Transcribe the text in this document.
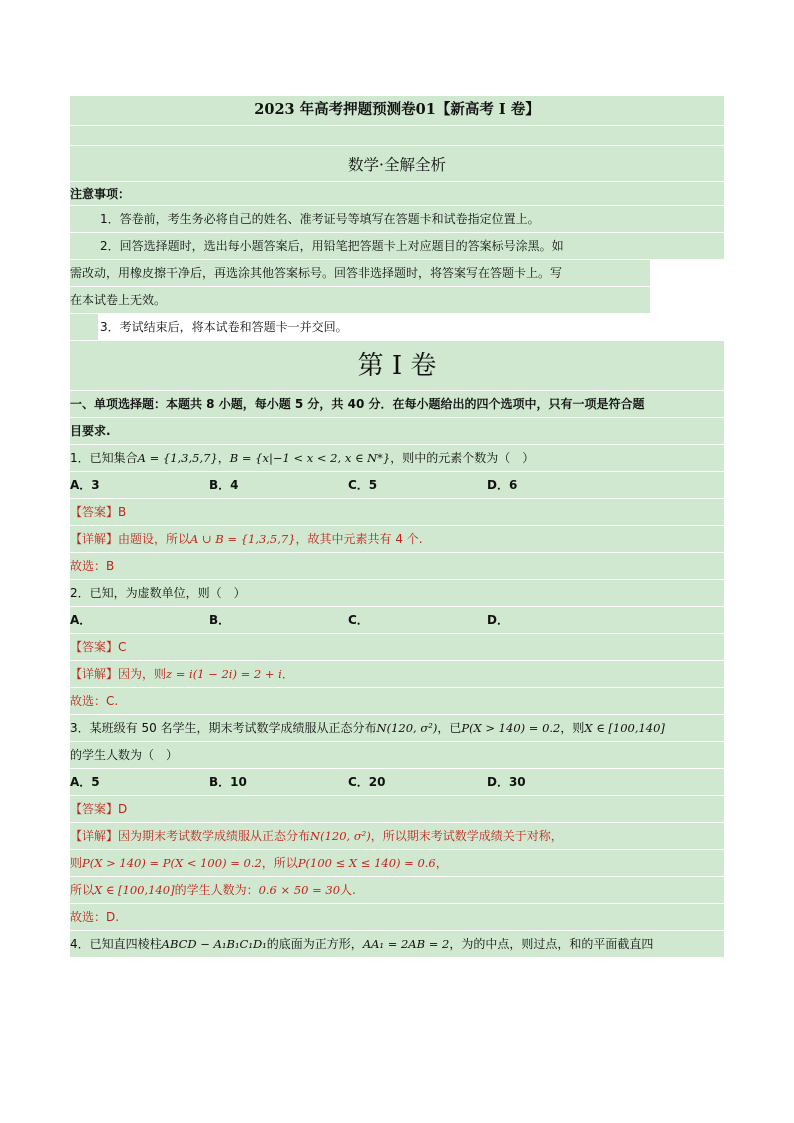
2023 年高考押题预测卷01【新高考 I 卷】
数学·全解全析
注意事项：
1．答卷前，考生务必将自己的姓名、准考证号等填写在答题卡和试卷指定位置上。
2．回答选择题时，选出每小题答案后，用铅笔把答题卡上对应题目的答案标号涂黑。如
需改动，用橡皮擦干净后，再选涂其他答案标号。回答非选择题时，将答案写在答题卡上。写
在本试卷上无效。
3．考试结束后，将本试卷和答题卡一并交回。
第 I 卷
一、单项选择题：本题共 8 小题，每小题 5 分，共 40 分．在每小题给出的四个选项中，只有一项是符合题
目要求.
1．已知集合A = {1,3,5,7}，B = {x|−1 < x < 2, x ∈ N*}，则中的元素个数为（　）
A．3	B．4	C．5	D．6
【答案】B
【详解】由题设，所以A ∪ B = {1,3,5,7}，故其中元素共有 4 个.
故选：B
2．已知，为虚数单位，则（　）
A．	B．	C．	D．
【答案】C
【详解】因为，则z = i(1 − 2i) = 2 + i．
故选：C.
3．某班级有 50 名学生，期末考试数学成绩服从正态分布N(120, σ²)，已P(X > 140) = 0.2，则X ∈ [100,140]
的学生人数为（　）
A．5	B．10	C．20	D．30
【答案】D
【详解】因为期末考试数学成绩服从正态分布N(120, σ²)，所以期末考试数学成绩关于对称，
则P(X > 140) = P(X < 100) = 0.2，所以P(100 ≤ X ≤ 140) = 0.6，
所以X ∈ [100,140]的学生人数为：0.6 × 50 = 30人.
故选：D.
4．已知直四棱柱ABCD − A₁B₁C₁D₁的底面为正方形，AA₁ = 2AB = 2，为的中点，则过点，和的平面截直四
